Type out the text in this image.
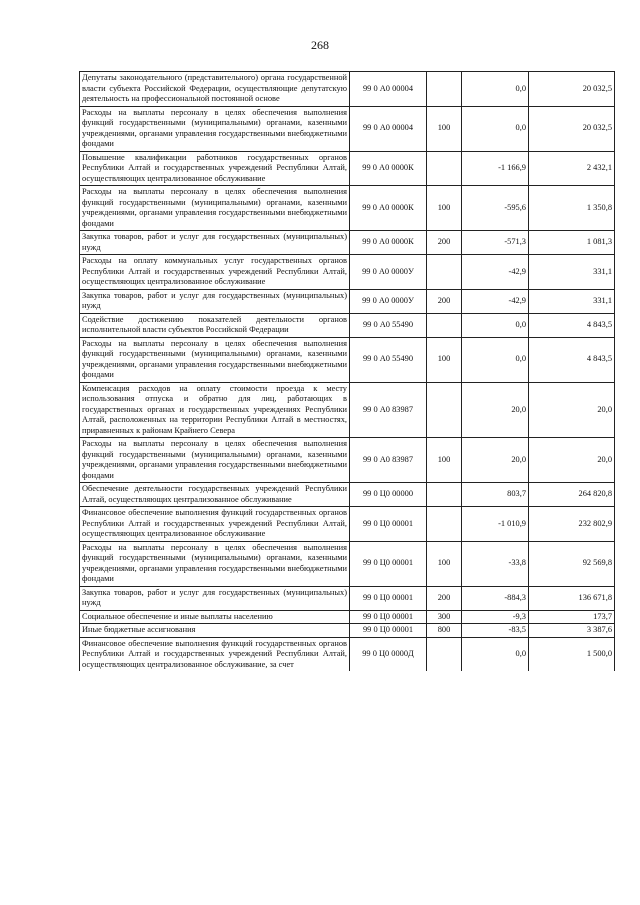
268
Депутаты законодательного (представительного) органа государственной власти субъекта Российской Федерации, осуществляющие депутатскую деятельность на профессиональной постоянной основе	99 0 А0 00004		0,0	20 032,5
Расходы на выплаты персоналу в целях обеспечения выполнения функций государственными (муниципальными) органами, казенными учреждениями, органами управления государственными внебюджетными фондами	99 0 А0 00004	100	0,0	20 032,5
Повышение квалификации работников государственных органов Республики Алтай и государственных учреждений Республики Алтай, осуществляющих централизованное обслуживание	99 0 А0 0000К		-1 166,9	2 432,1
Расходы на выплаты персоналу в целях обеспечения выполнения функций государственными (муниципальными) органами, казенными учреждениями, органами управления государственными внебюджетными фондами	99 0 А0 0000К	100	-595,6	1 350,8
Закупка товаров, работ и услуг для государственных (муниципальных) нужд	99 0 А0 0000К	200	-571,3	1 081,3
Расходы на оплату коммунальных услуг государственных органов Республики Алтай и государственных учреждений Республики Алтай, осуществляющих централизованное обслуживание	99 0 А0 0000У		-42,9	331,1
Закупка товаров, работ и услуг для государственных (муниципальных) нужд	99 0 А0 0000У	200	-42,9	331,1
Содействие достижению показателей деятельности органов исполнительной власти субъектов Российской Федерации	99 0 А0 55490		0,0	4 843,5
Расходы на выплаты персоналу в целях обеспечения выполнения функций государственными (муниципальными) органами, казенными учреждениями, органами управления государственными внебюджетными фондами	99 0 А0 55490	100	0,0	4 843,5
Компенсация расходов на оплату стоимости проезда к месту использования отпуска и обратно для лиц, работающих в государственных органах и государственных учреждениях Республики Алтай, расположенных на территории Республики Алтай в местностях, приравненных к районам Крайнего Севера	99 0 А0 83987		20,0	20,0
Расходы на выплаты персоналу в целях обеспечения выполнения функций государственными (муниципальными) органами, казенными учреждениями, органами управления государственными внебюджетными фондами	99 0 А0 83987	100	20,0	20,0
Обеспечение деятельности государственных учреждений Республики Алтай, осуществляющих централизованное обслуживание	99 0 Ц0 00000		803,7	264 820,8
Финансовое обеспечение выполнения функций государственных органов Республики Алтай и государственных учреждений Республики Алтай, осуществляющих централизованное обслуживание	99 0 Ц0 00001		-1 010,9	232 802,9
Расходы на выплаты персоналу в целях обеспечения выполнения функций государственными (муниципальными) органами, казенными учреждениями, органами управления государственными внебюджетными фондами	99 0 Ц0 00001	100	-33,8	92 569,8
Закупка товаров, работ и услуг для государственных (муниципальных) нужд	99 0 Ц0 00001	200	-884,3	136 671,8
Социальное обеспечение и иные выплаты населению	99 0 Ц0 00001	300	-9,3	173,7
Иные бюджетные ассигнования	99 0 Ц0 00001	800	-83,5	3 387,6
Финансовое обеспечение выполнения функций государственных органов Республики Алтай и государственных учреждений Республики Алтай, осуществляющих централизованное обслуживание, за счет	99 0 Ц0 0000Д		0,0	1 500,0
